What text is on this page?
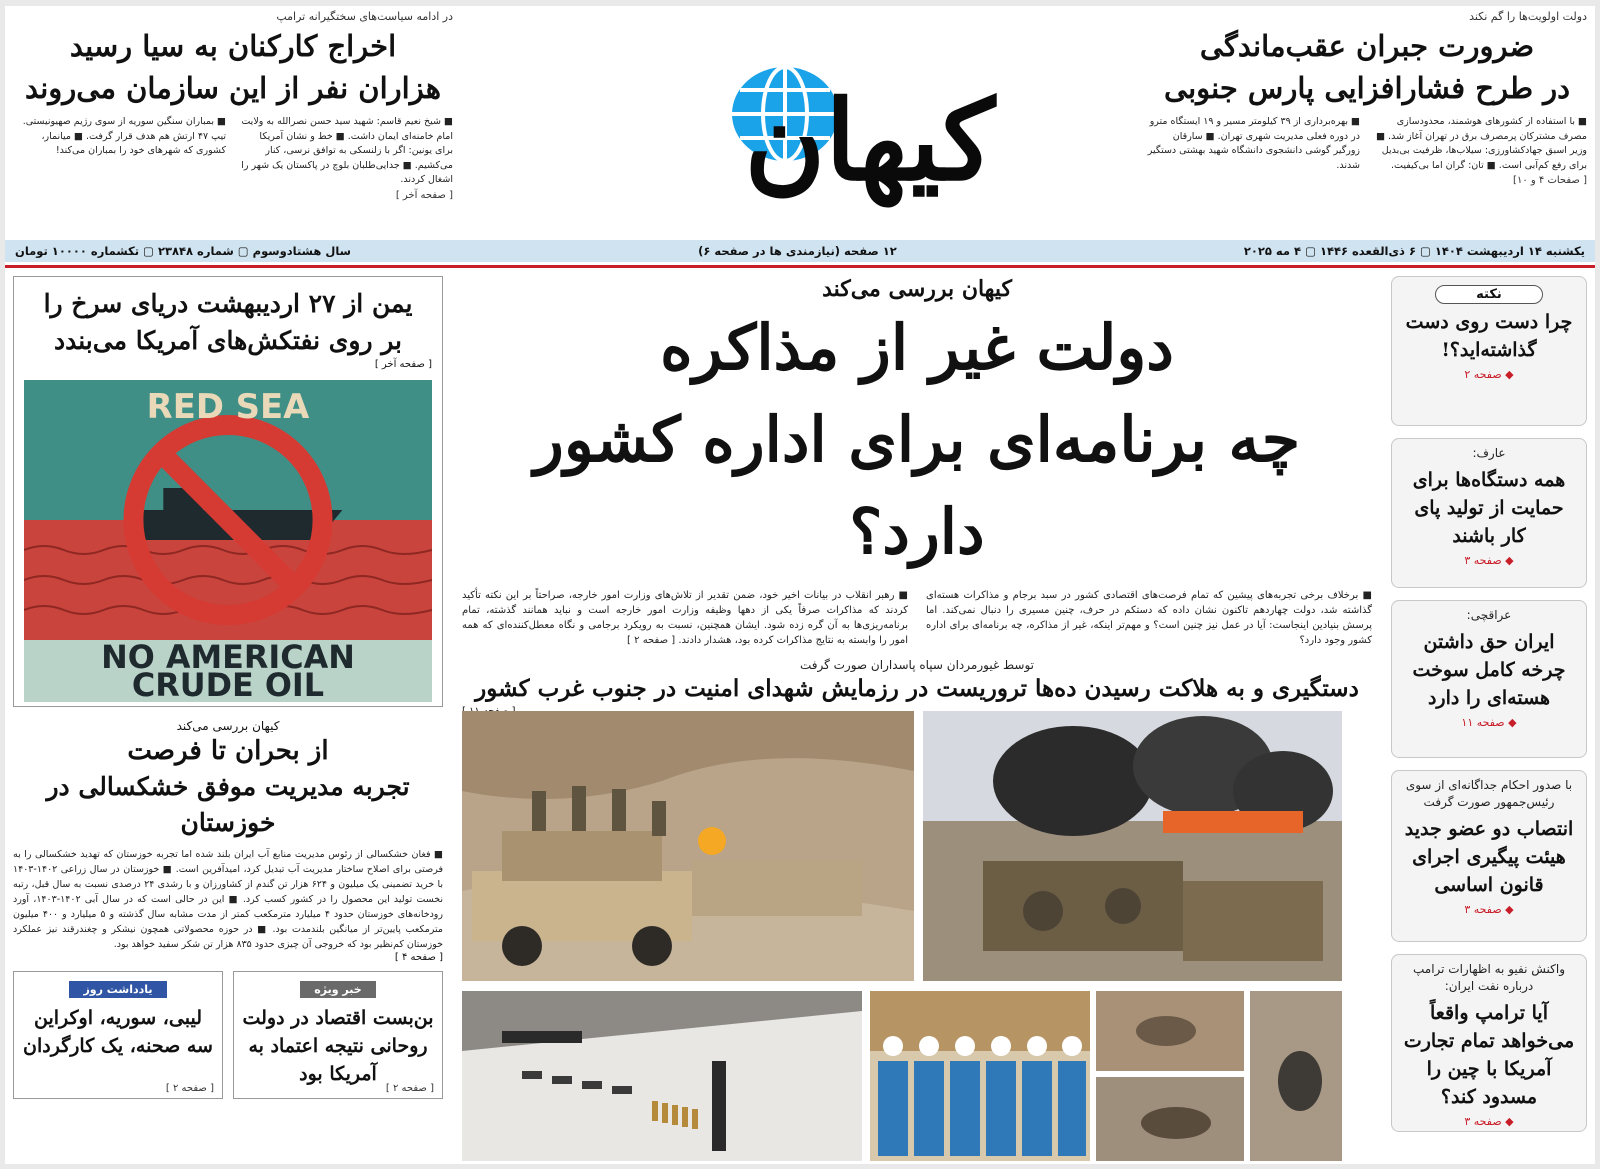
دولت اولویت‌ها را گم نکند
ضرورت جبران عقب‌ماندگی
در طرح فشارافزایی پارس جنوبی
■ با استفاده از کشورهای هوشمند، محدودسازی مصرف مشترکان پرمصرف برق در تهران آغاز شد. ■ وزیر اسبق جهادکشاورزی: سیلاب‌ها، ظرفیت بی‌بدیل برای رفع کم‌آبی است. ■ تان: گران اما بی‌کیفیت.
■ بهره‌برداری از ۳۹ کیلومتر مسیر و ۱۹ ایستگاه مترو در دوره فعلی مدیریت شهری تهران. ■ سارقان زورگیر گوشی دانشجوی دانشگاه شهید بهشتی دستگیر شدند.
[ صفحات ۴ و ۱۰]
کیهان
در ادامه سیاست‌های سختگیرانه ترامپ
اخراج کارکنان به سیا رسید
هزاران نفر از این سازمان می‌روند
■ شیخ نعیم قاسم: شهید سید حسن نصرالله به ولایت امام خامنه‌ای ایمان داشت. ■ خط و نشان آمریکا برای یونین: اگر با زلنسکی به توافق نرسی، کنار می‌کشیم. ■ جدایی‌طلبان بلوچ در پاکستان یک شهر را اشغال کردند.
■ بمباران سنگین سوریه از سوی رژیم صهیونیستی. تیپ ۴۷ ارتش هم هدف قرار گرفت. ■ میانمار، کشوری که شهرهای خود را بمباران می‌کند!
[ صفحه آخر ]
یکشنبه ۱۴ اردیبهشت ۱۴۰۴ ▢ ۶ ذی‌القعده ۱۴۴۶ ▢ ۴ مه ۲۰۲۵
۱۲ صفحه (نیازمندی ها در صفحه ۶)
سال هشتادوسوم ▢ شماره ۲۳۸۴۸ ▢ تکشماره ۱۰۰۰۰ تومان
نکته
چرا دست روی دست گذاشته‌اید؟!
◆ صفحه ۲
عارف:
همه دستگاه‌ها برای حمایت از تولید پای کار باشند
◆ صفحه ۳
عراقچی:
ایران حق داشتن چرخه کامل سوخت هسته‌ای را دارد
◆ صفحه ۱۱
با صدور احکام جداگانه‌ای از سوی رئیس‌جمهور صورت گرفت
انتصاب دو عضو جدید هیئت پیگیری اجرای قانون اساسی
◆ صفحه ۳
واکنش نفیو به اظهارات ترامپ درباره نفت ایران:
آیا ترامپ واقعاً می‌خواهد تمام تجارت آمریکا با چین را مسدود کند؟
◆ صفحه ۳
کیهان بررسی می‌کند
دولت غیر از مذاکره
چه برنامه‌ای برای اداره کشور دارد؟
■ برخلاف برخی تجربه‌های پیشین که تمام فرصت‌های اقتصادی کشور در سبد برجام و مذاکرات هسته‌ای گذاشته شد، دولت چهاردهم تاکنون نشان داده که دستکم در حرف، چنین مسیری را دنبال نمی‌کند. اما پرسش بنیادین اینجاست: آیا در عمل نیز چنین است؟ و مهم‌تر اینکه، غیر از مذاکره، چه برنامه‌ای برای اداره کشور وجود دارد؟
■ رهبر انقلاب در بیانات اخیر خود، ضمن تقدیر از تلاش‌های وزارت امور خارجه، صراحتاً بر این نکته تأکید کردند که مذاکرات صرفاً یکی از دهها وظیفه وزارت امور خارجه است و نباید همانند گذشته، تمام برنامه‌ریزی‌ها به آن گره زده شود. ایشان همچنین، نسبت به رویکرد برجامی و نگاه معطل‌کننده‌ای که همه امور را وابسته به نتایج مذاکرات کرده بود، هشدار دادند. [ صفحه ۲ ]
توسط غیورمردان سپاه پاسداران صورت گرفت
دستگیری و به هلاکت رسیدن ده‌ها تروریست در رزمایش شهدای امنیت در جنوب غرب کشور
یمن از ۲۷ اردیبهشت دریای سرخ را
بر روی نفتکش‌های آمریکا می‌بندد
[ صفحه آخر ]
RED SEA
NO AMERICAN
CRUDE OIL
کیهان بررسی می‌کند
از بحران تا فرصت
تجربه مدیریت موفق خشکسالی در خوزستان
■ فغان خشکسالی از رئوس مدیریت منابع آب ایران بلند شده اما تجربه خوزستان که تهدید خشکسالی را به فرصتی برای اصلاح ساختار مدیریت آب تبدیل کرد، امیدآفرین است. ■ خوزستان در سال زراعی ۱۴۰۲-۱۴۰۳ با خرید تضمینی یک میلیون و ۶۲۴ هزار تن گندم از کشاورزان و با رشدی ۲۴ درصدی نسبت به سال قبل، رتبه نخست تولید این محصول را در کشور کسب کرد. ■ این در حالی است که در سال آبی ۱۴۰۲-۱۴۰۳، آورد رودخانه‌های خوزستان حدود ۴ میلیارد مترمکعب کمتر از مدت مشابه سال گذشته و ۵ میلیارد و ۴۰۰ میلیون مترمکعب پایین‌تر از میانگین بلندمدت بود. ■ در حوزه محصولاتی همچون نیشکر و چغندرقند نیز عملکرد خوزستان کم‌نظیر بود که خروجی آن چیزی حدود ۸۳۵ هزار تن شکر سفید خواهد بود.
[ صفحه ۴ ]
خبر ویژه
بن‌بست اقتصاد در دولت روحانی نتیجه اعتماد به آمریکا بود
[ صفحه ۲ ]
یادداشت روز
لیبی، سوریه، اوکراین سه صحنه، یک کارگردان
[ صفحه ۲ ]
